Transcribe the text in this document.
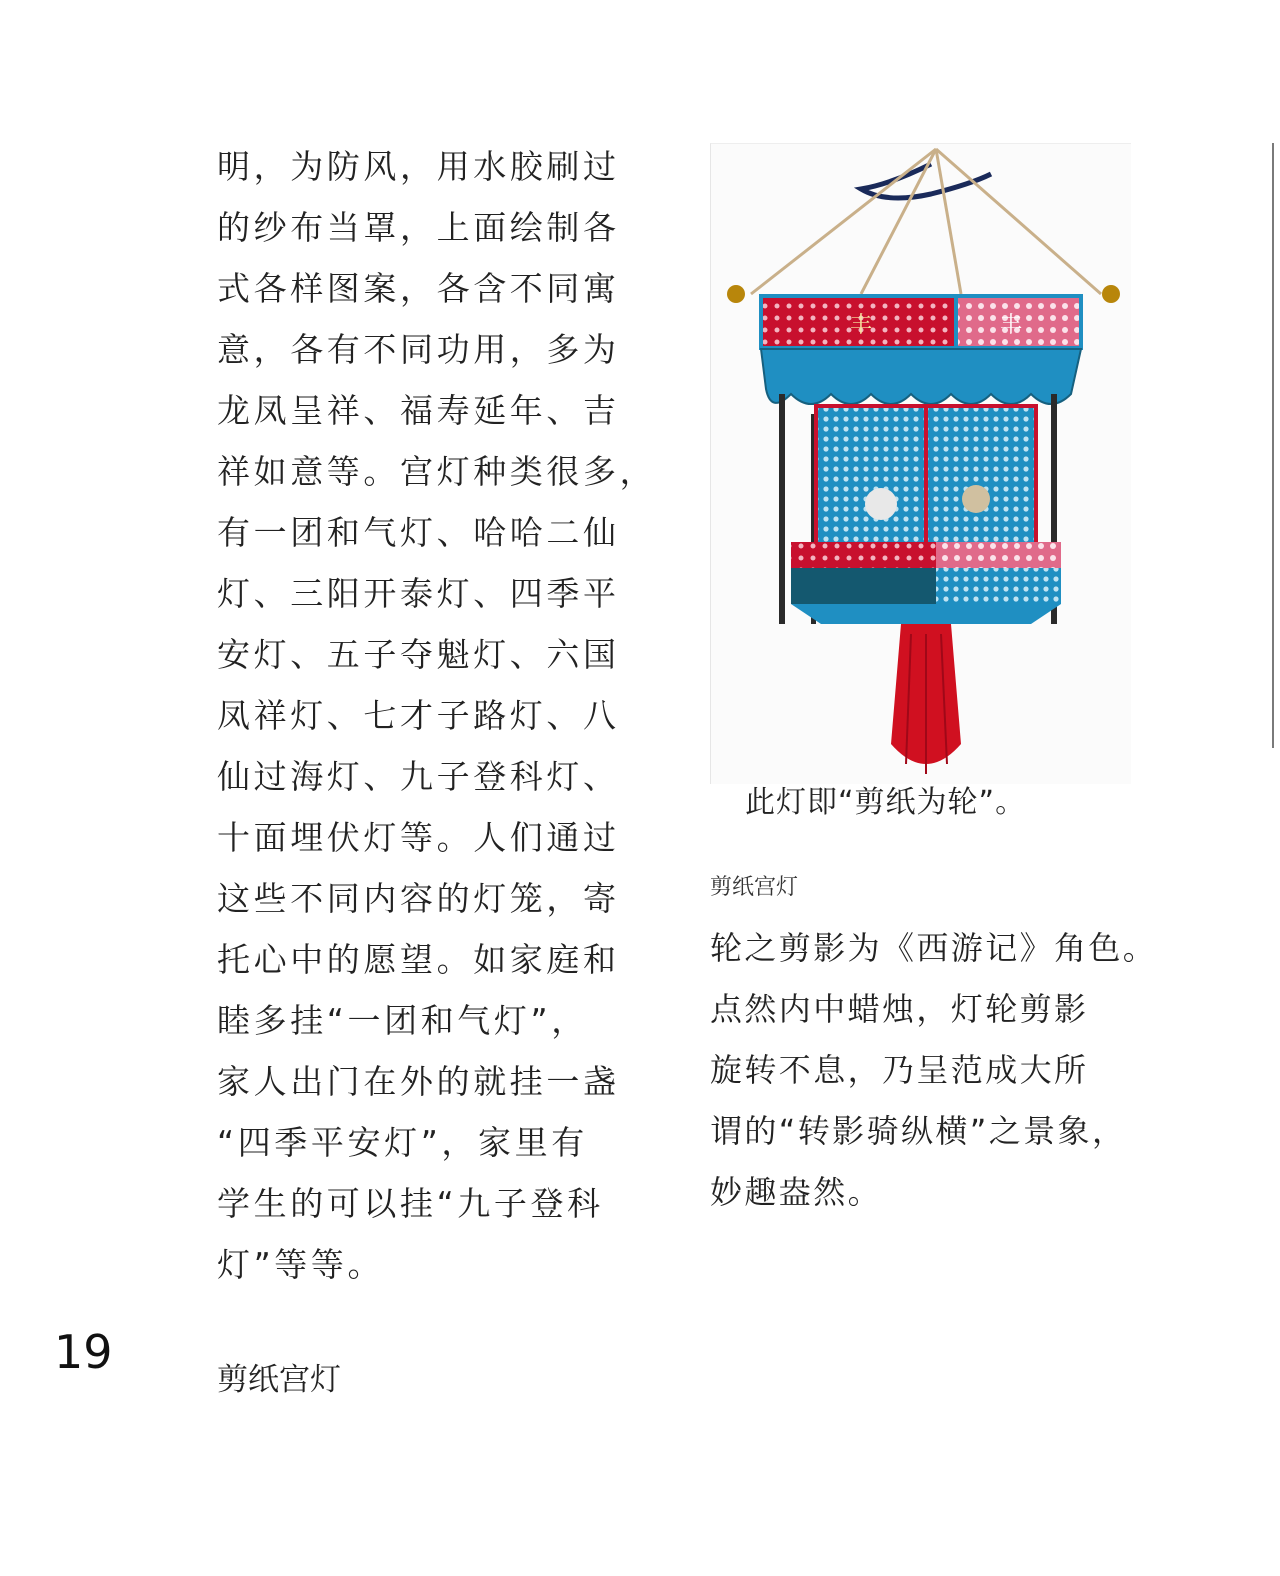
明，为防风，用水胶刷过
的纱布当罩，上面绘制各
式各样图案，各含不同寓
意，各有不同功用，多为
龙凤呈祥、福寿延年、吉
祥如意等。宫灯种类很多，
有一团和气灯、哈哈二仙
灯、三阳开泰灯、四季平
安灯、五子夺魁灯、六国
凤祥灯、七才子路灯、八
仙过海灯、九子登科灯、
十面埋伏灯等。人们通过
这些不同内容的灯笼，寄
托心中的愿望。如家庭和
睦多挂“一团和气灯”，
家人出门在外的就挂一盏
“四季平安灯”，家里有
学生的可以挂“九子登科
灯”等等。
19
剪纸宫灯
丰	丰
此灯即“剪纸为轮”。
剪纸宫灯
轮之剪影为《西游记》角色。
点然内中蜡烛，灯轮剪影
旋转不息，乃呈范成大所
谓的“转影骑纵横”之景象，
妙趣盎然。
